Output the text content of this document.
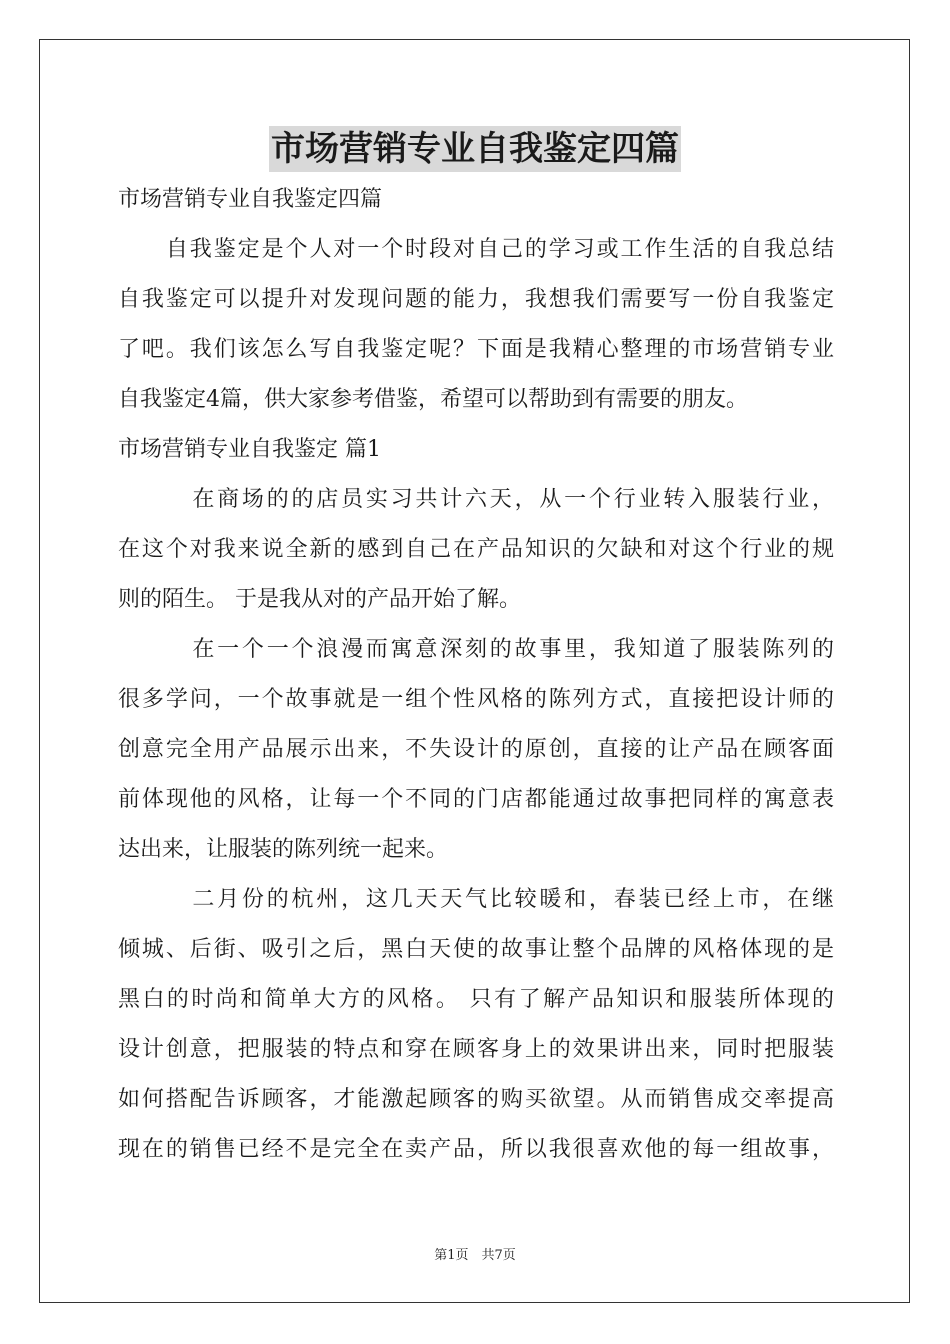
市场营销专业自我鉴定四篇
市场营销专业自我鉴定四篇
　　自我鉴定是个人对一个时段对自己的学习或工作生活的自我总结
自我鉴定可以提升对发现问题的能力，我想我们需要写一份自我鉴定
了吧。我们该怎么写自我鉴定呢？下面是我精心整理的市场营销专业
自我鉴定4篇，供大家参考借鉴，希望可以帮助到有需要的朋友。
市场营销专业自我鉴定 篇1
　　　在商场的的店员实习共计六天，从一个行业转入服装行业，
在这个对我来说全新的感到自己在产品知识的欠缺和对这个行业的规
则的陌生。 于是我从对的产品开始了解。
　　　在一个一个浪漫而寓意深刻的故事里，我知道了服装陈列的
很多学问，一个故事就是一组个性风格的陈列方式，直接把设计师的
创意完全用产品展示出来，不失设计的原创，直接的让产品在顾客面
前体现他的风格，让每一个不同的门店都能通过故事把同样的寓意表
达出来，让服装的陈列统一起来。
　　　二月份的杭州，这几天天气比较暖和，春装已经上市，在继
倾城、后街、吸引之后，黑白天使的故事让整个品牌的风格体现的是
黑白的时尚和简单大方的风格。 只有了解产品知识和服装所体现的
设计创意，把服装的特点和穿在顾客身上的效果讲出来，同时把服装
如何搭配告诉顾客，才能激起顾客的购买欲望。从而销售成交率提高
现在的销售已经不是完全在卖产品，所以我很喜欢他的每一组故事，
第1页　共7页
